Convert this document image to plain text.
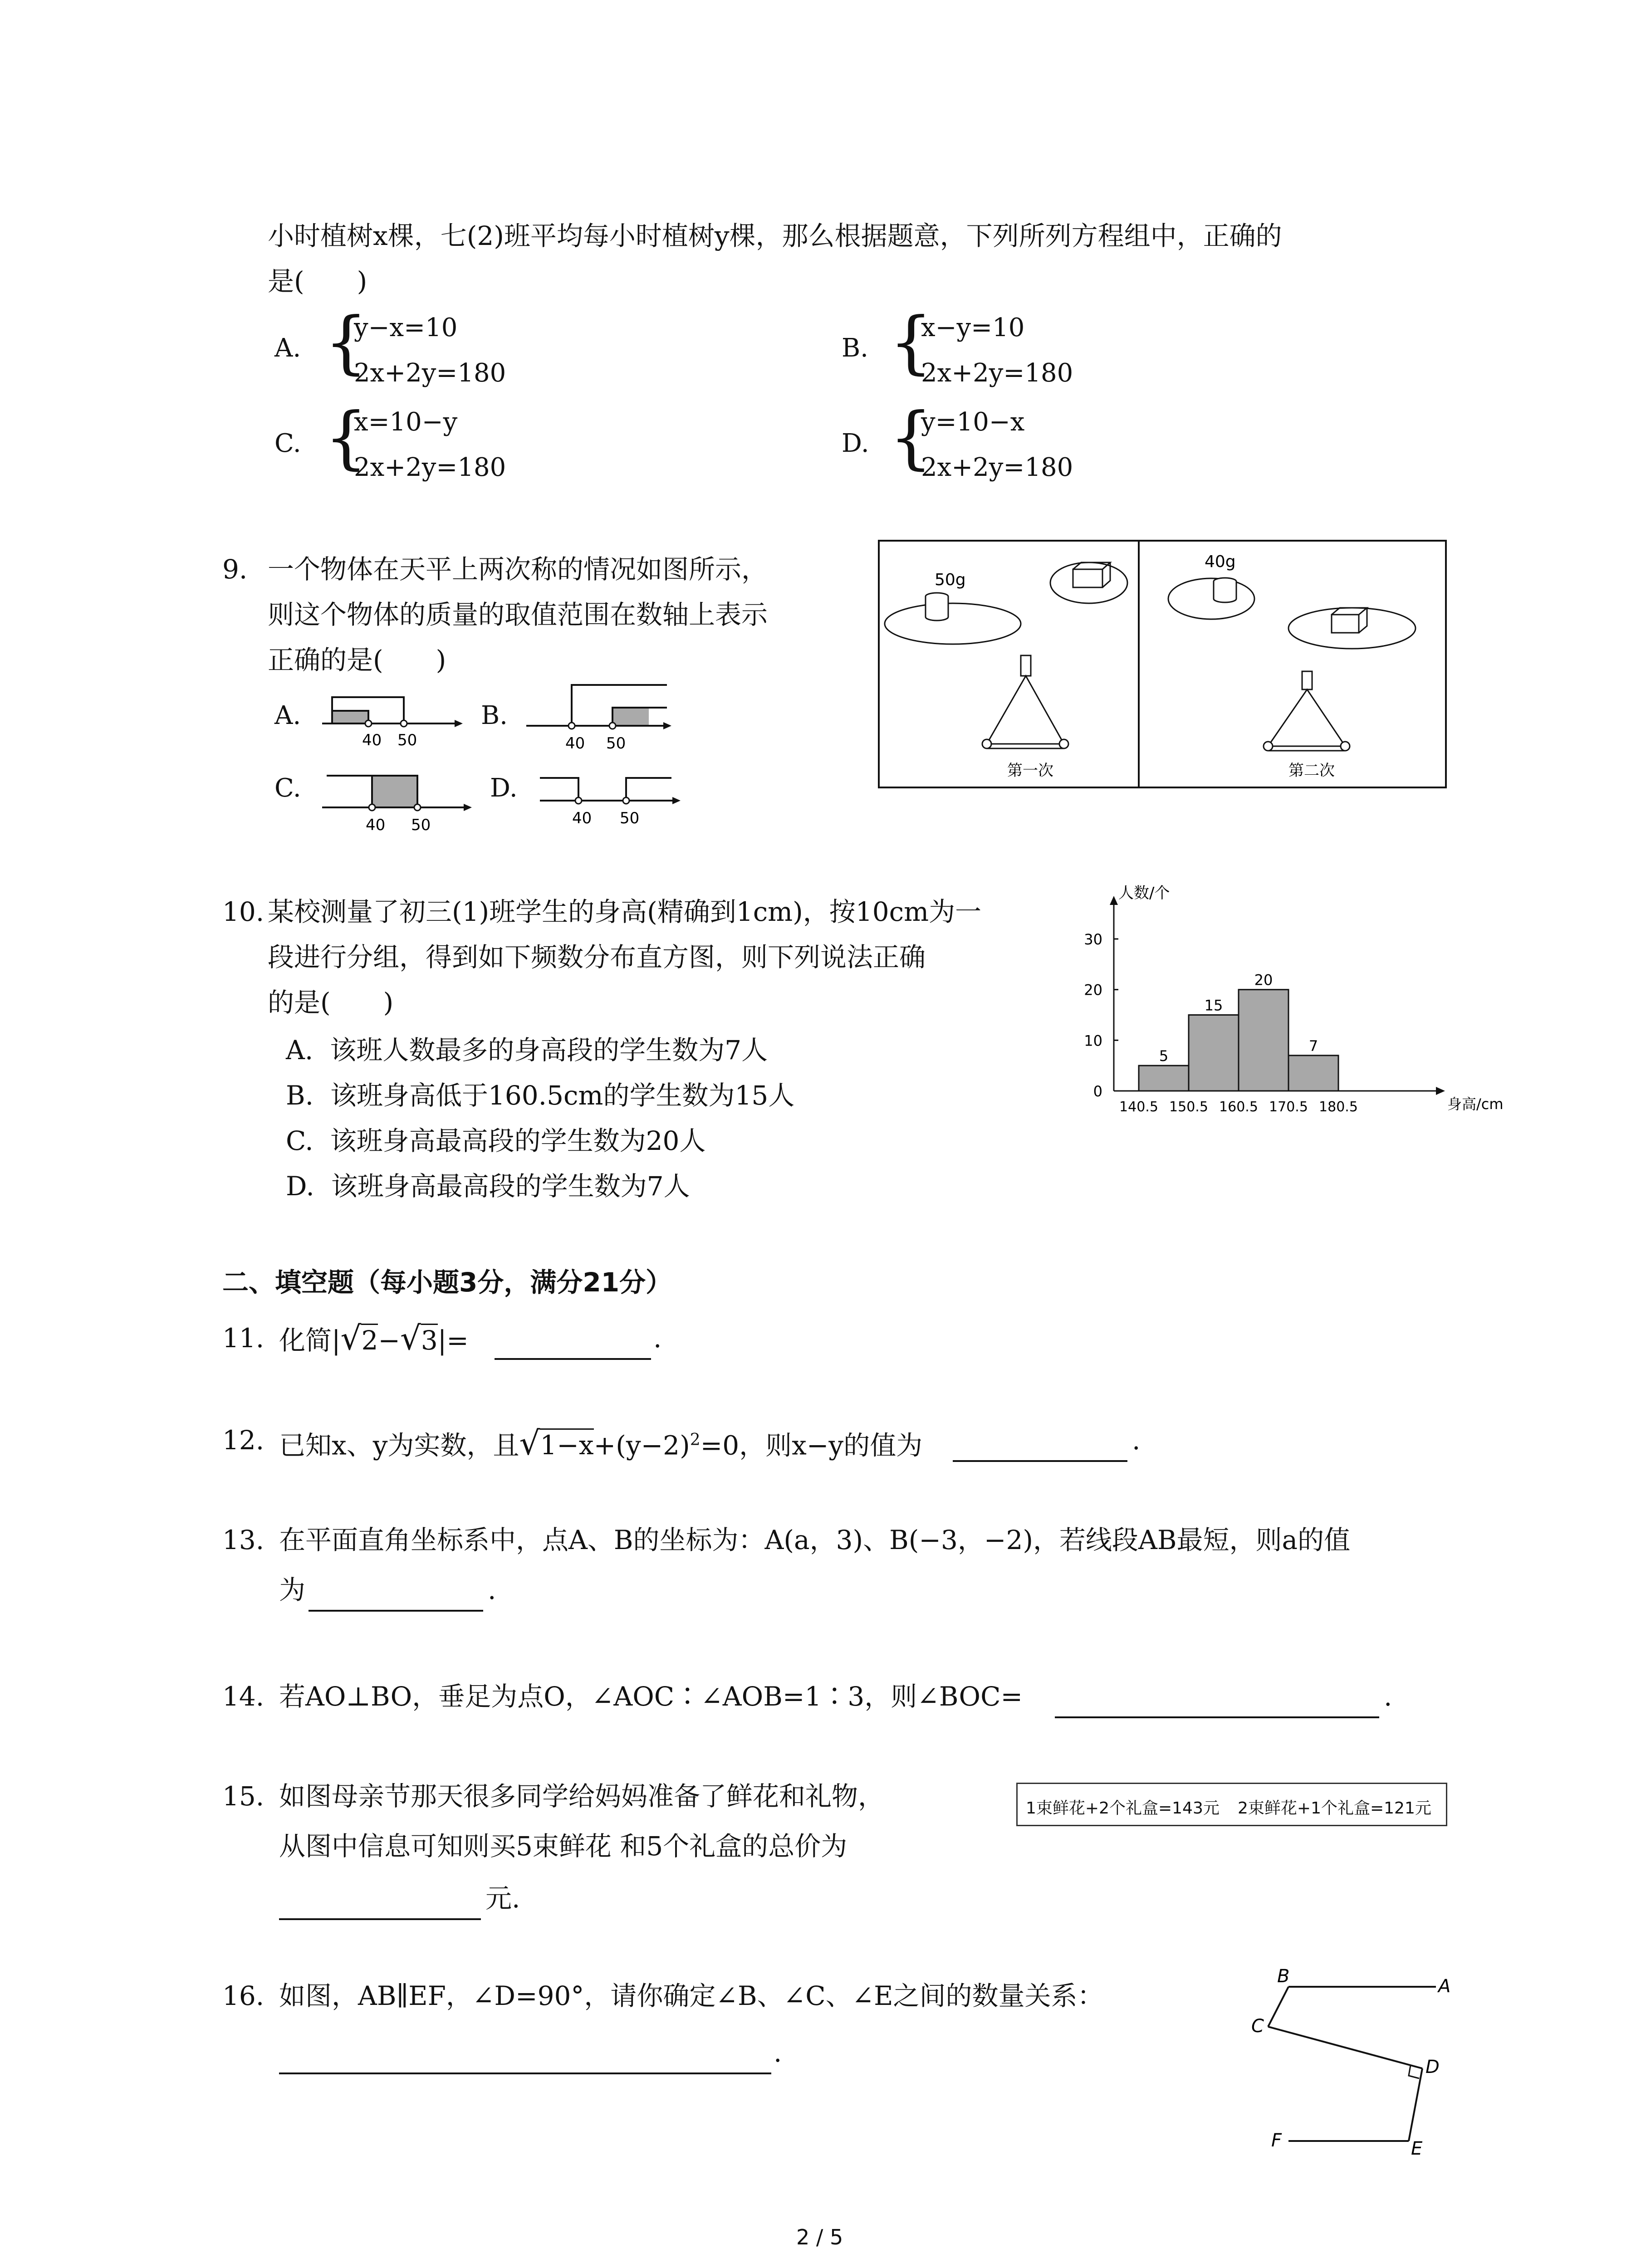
小时植树x棵，七(2)班平均每小时植树y棵，那么根据题意，下列所列方程组中，正确的
是(　　)
A. {
y−x=10
2x+2y=180
B. {
x−y=10
2x+2y=180
C. {
x=10−y
2x+2y=180
D. {
y=10−x
2x+2y=180
9. 一个物体在天平上两次称的情况如图所示，
则这个物体的质量的取值范围在数轴上表示
正确的是(　　)
A.	B.
C.	D.
40 50	40 50
40 50	40 50
50g
第一次
40g
第二次
10. 某校测量了初三(1)班学生的身高(精确到1cm)，按10cm为一
段进行分组，得到如下频数分布直方图，则下列说法正确
的是(　　)
A. 该班人数最多的身高段的学生数为7人
B. 该班身高低于160.5cm的学生数为15人
C. 该班身高最高段的学生数为20人
D. 该班身高最高段的学生数为7人
人数/个
身高/cm
0
10
20
30
140.5 150.5 160.5 170.5 180.5
5
15
20
7
二、填空题（每小题3分，满分21分）
11. 化简|√2−√3|=	.
12. 已知x、y为实数，且$√1-x+(y-2)^2=0$，则x−y的值为	.
13. 在平面直角坐标系中，点A、B的坐标为：A(a，3)、B(−3，−2)，若线段AB最短，则a的值
为	.
14. 若AO⊥BO，垂足为点O，∠AOC∶∠AOB=1∶3，则∠BOC=	.
15. 如图母亲节那天很多同学给妈妈准备了鲜花和礼物，
从图中信息可知则买5束鲜花 和5个礼盒的总价为
元.
1束鲜花+2个礼盒=143元 2束鲜花+1个礼盒=121元
16. 如图，AB∥EF，∠D=90°，请你确定∠B、∠C、∠E之间的数量关系：
.
B	A
C
D
F	E
2 / 5
